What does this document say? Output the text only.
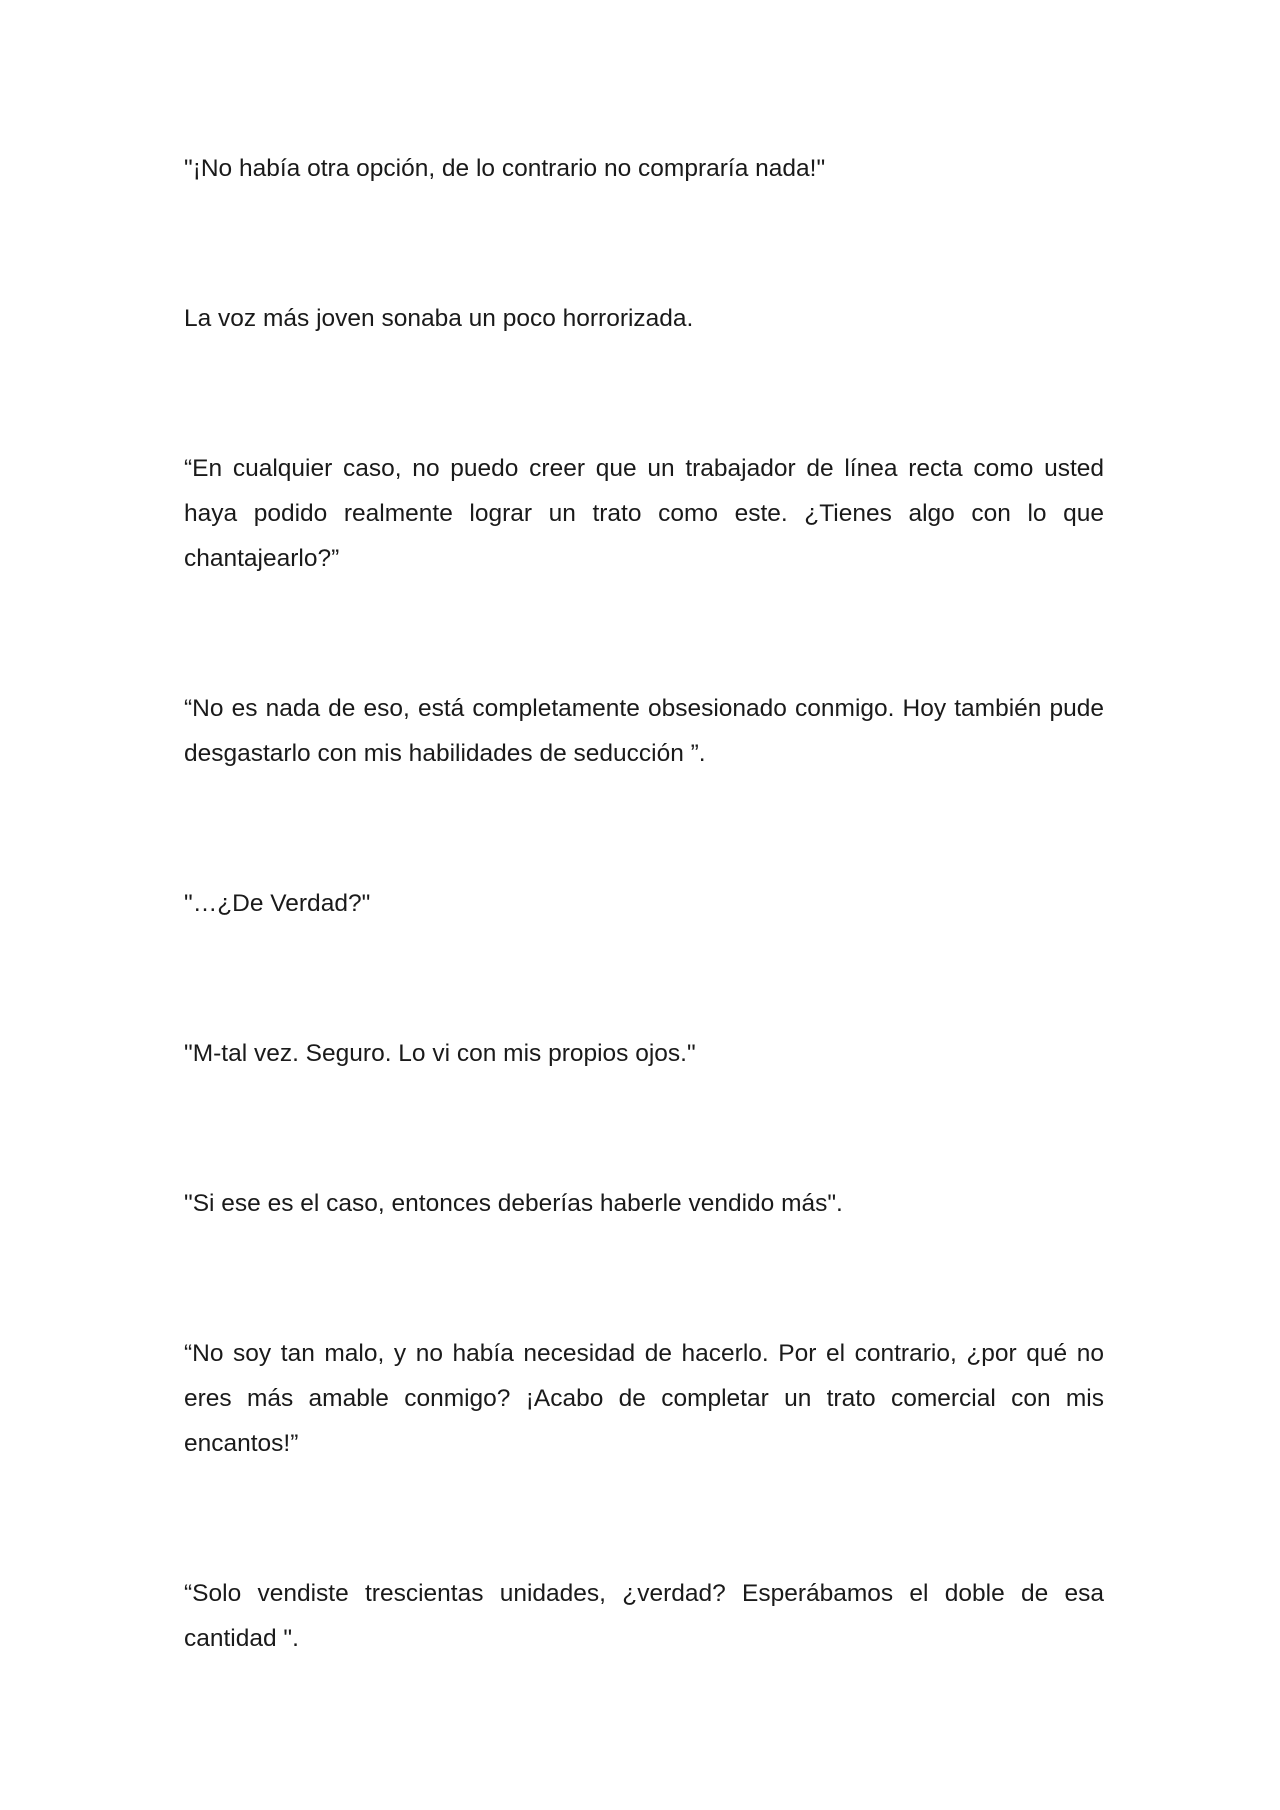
"¡No había otra opción, de lo contrario no compraría nada!"

La voz más joven sonaba un poco horrorizada.

“En cualquier caso, no puedo creer que un trabajador de línea recta como usted haya podido realmente lograr un trato como este. ¿Tienes algo con lo que chantajearlo?”

“No es nada de eso, está completamente obsesionado conmigo. Hoy también pude desgastarlo con mis habilidades de seducción ”.

"…¿De Verdad?"

"M-tal vez. Seguro. Lo vi con mis propios ojos."

"Si ese es el caso, entonces deberías haberle vendido más".

“No soy tan malo, y no había necesidad de hacerlo. Por el contrario, ¿por qué no eres más amable conmigo? ¡Acabo de completar un trato comercial con mis encantos!”

“Solo vendiste trescientas unidades, ¿verdad? Esperábamos el doble de esa cantidad ".
